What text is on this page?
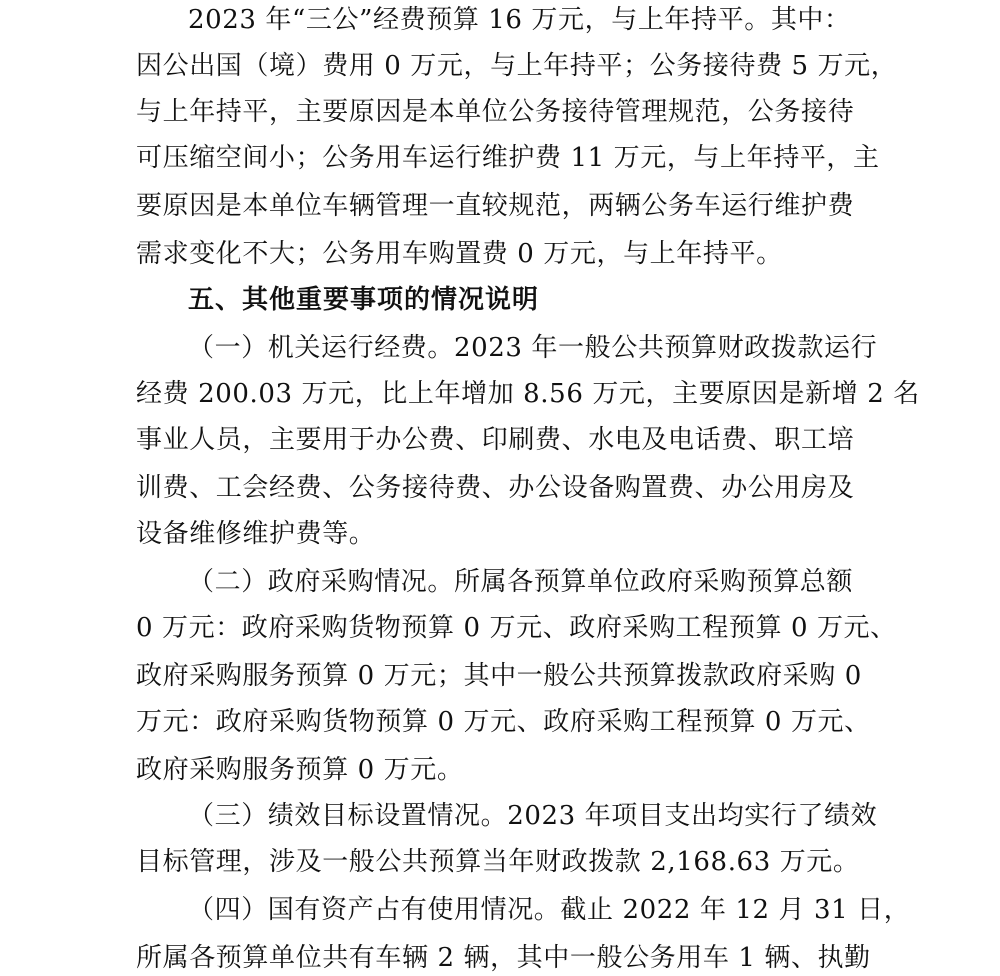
2023 年“三公”经费预算 16 万元，与上年持平。其中：
因公出国（境）费用 0 万元，与上年持平；公务接待费 5 万元，
与上年持平，主要原因是本单位公务接待管理规范，公务接待
可压缩空间小；公务用车运行维护费 11 万元，与上年持平，主
要原因是本单位车辆管理一直较规范，两辆公务车运行维护费
需求变化不大；公务用车购置费 0 万元，与上年持平。
五、其他重要事项的情况说明
（一）机关运行经费。2023 年一般公共预算财政拨款运行
经费 200.03 万元，比上年增加 8.56 万元，主要原因是新增 2 名
事业人员，主要用于办公费、印刷费、水电及电话费、职工培
训费、工会经费、公务接待费、办公设备购置费、办公用房及
设备维修维护费等。
（二）政府采购情况。所属各预算单位政府采购预算总额
0 万元：政府采购货物预算 0 万元、政府采购工程预算 0 万元、
政府采购服务预算 0 万元；其中一般公共预算拨款政府采购 0
万元：政府采购货物预算 0 万元、政府采购工程预算 0 万元、
政府采购服务预算 0 万元。
（三）绩效目标设置情况。2023 年项目支出均实行了绩效
目标管理，涉及一般公共预算当年财政拨款 2,168.63 万元。
（四）国有资产占有使用情况。截止 2022 年 12 月 31 日，
所属各预算单位共有车辆 2 辆，其中一般公务用车 1 辆、执勤
